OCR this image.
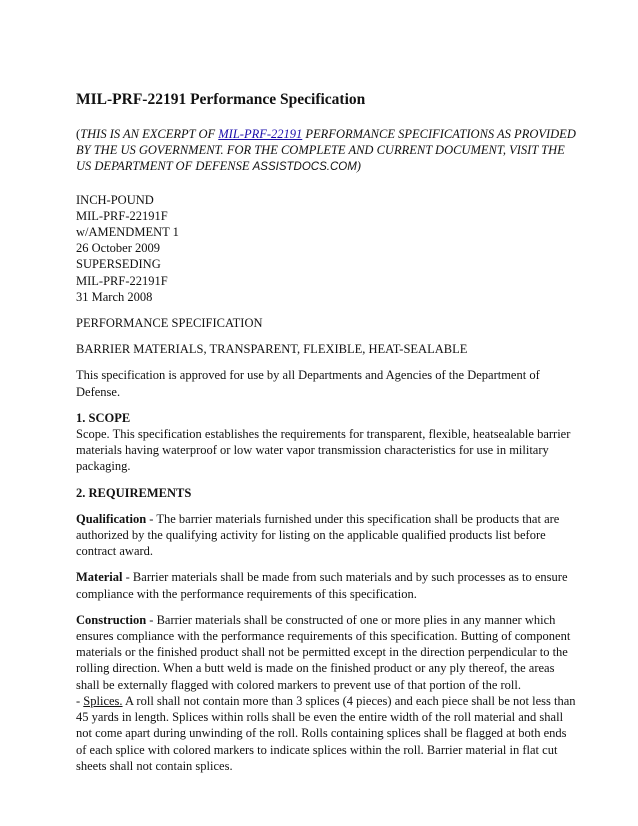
MIL-PRF-22191 Performance Specification

(THIS IS AN EXCERPT OF MIL-PRF-22191 PERFORMANCE SPECIFICATIONS AS PROVIDED BY THE US GOVERNMENT. FOR THE COMPLETE AND CURRENT DOCUMENT, VISIT THE US DEPARTMENT OF DEFENSE ASSISTDOCS.COM)

INCH-POUND

MIL-PRF-22191F

w/AMENDMENT 1

26 October 2009

SUPERSEDING

MIL-PRF-22191F

31 March 2008

PERFORMANCE SPECIFICATION

BARRIER MATERIALS, TRANSPARENT, FLEXIBLE, HEAT-SEALABLE

This specification is approved for use by all Departments and Agencies of the Department of Defense.

1. SCOPE

Scope. This specification establishes the requirements for transparent, flexible, heatsealable barrier materials having waterproof or low water vapor transmission characteristics for use in military packaging.

2. REQUIREMENTS

Qualification - The barrier materials furnished under this specification shall be products that are authorized by the qualifying activity for listing on the applicable qualified products list before contract award.

Material - Barrier materials shall be made from such materials and by such processes as to ensure compliance with the performance requirements of this specification.

Construction - Barrier materials shall be constructed of one or more plies in any manner which ensures compliance with the performance requirements of this specification. Butting of component materials or the finished product shall not be permitted except in the direction perpendicular to the rolling direction. When a butt weld is made on the finished product or any ply thereof, the areas shall be externally flagged with colored markers to prevent use of that portion of the roll.

- Splices. A roll shall not contain more than 3 splices (4 pieces) and each piece shall be not less than 45 yards in length. Splices within rolls shall be even the entire width of the roll material and shall not come apart during unwinding of the roll. Rolls containing splices shall be flagged at both ends of each splice with colored markers to indicate splices within the roll. Barrier material in flat cut sheets shall not contain splices.
